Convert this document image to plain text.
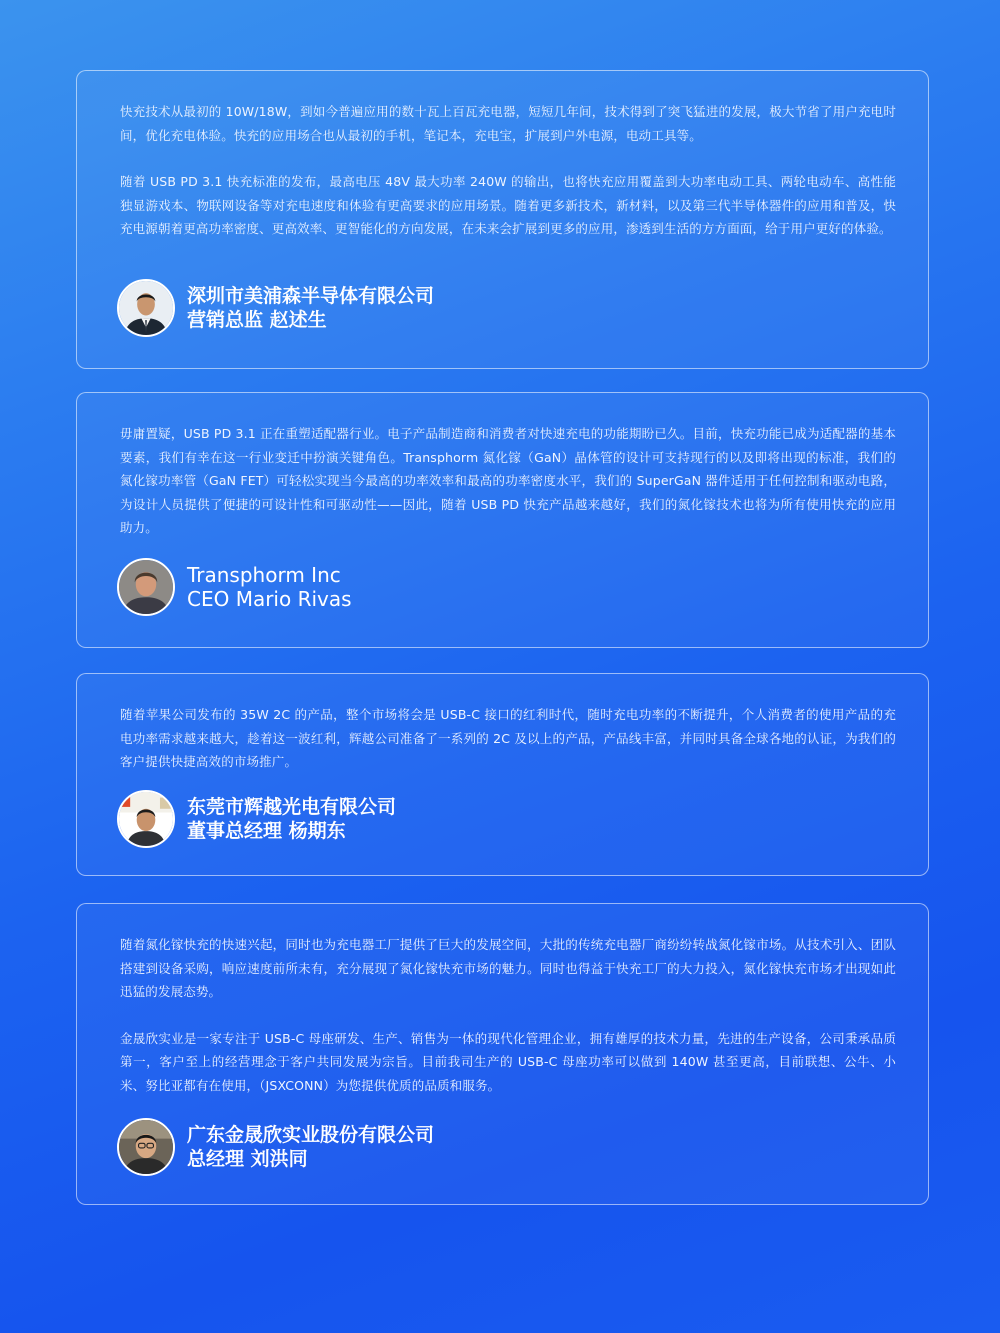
快充技术从最初的 10W/18W，到如今普遍应用的数十瓦上百瓦充电器，短短几年间，技术得到了突飞猛进的发展，极大节省了用户充电时间，优化充电体验。快充的应用场合也从最初的手机，笔记本，充电宝，扩展到户外电源，电动工具等。

随着 USB PD 3.1 快充标准的发布，最高电压 48V 最大功率 240W 的输出，也将快充应用覆盖到大功率电动工具、两轮电动车、高性能独显游戏本、物联网设备等对充电速度和体验有更高要求的应用场景。随着更多新技术，新材料，以及第三代半导体器件的应用和普及，快充电源朝着更高功率密度、更高效率、更智能化的方向发展，在未来会扩展到更多的应用，渗透到生活的方方面面，给于用户更好的体验。

深圳市美浦森半导体有限公司
营销总监 赵述生

毋庸置疑，USB PD 3.1 正在重塑适配器行业。电子产品制造商和消费者对快速充电的功能期盼已久。目前，快充功能已成为适配器的基本要素，我们有幸在这一行业变迁中扮演关键角色。Transphorm 氮化镓（GaN）晶体管的设计可支持现行的以及即将出现的标准，我们的氮化镓功率管（GaN FET）可轻松实现当今最高的功率效率和最高的功率密度水平，我们的 SuperGaN 器件适用于任何控制和驱动电路，为设计人员提供了便捷的可设计性和可驱动性——因此，随着 USB PD 快充产品越来越好，我们的氮化镓技术也将为所有使用快充的应用助力。

Transphorm Inc
CEO Mario Rivas

随着苹果公司发布的 35W 2C 的产品，整个市场将会是 USB-C 接口的红利时代，随时充电功率的不断提升，个人消费者的使用产品的充电功率需求越来越大，趁着这一波红利，辉越公司准备了一系列的 2C 及以上的产品，产品线丰富，并同时具备全球各地的认证，为我们的客户提供快捷高效的市场推广。

东莞市辉越光电有限公司
董事总经理 杨期东

随着氮化镓快充的快速兴起，同时也为充电器工厂提供了巨大的发展空间，大批的传统充电器厂商纷纷转战氮化镓市场。从技术引入、团队搭建到设备采购，响应速度前所未有，充分展现了氮化镓快充市场的魅力。同时也得益于快充工厂的大力投入，氮化镓快充市场才出现如此迅猛的发展态势。

金晟欣实业是一家专注于 USB-C 母座研发、生产、销售为一体的现代化管理企业，拥有雄厚的技术力量，先进的生产设备，公司秉承品质第一，客户至上的经营理念于客户共同发展为宗旨。目前我司生产的 USB-C 母座功率可以做到 140W 甚至更高，目前联想、公牛、小米、努比亚都有在使用，（JSXCONN）为您提供优质的品质和服务。

广东金晟欣实业股份有限公司
总经理 刘洪同
